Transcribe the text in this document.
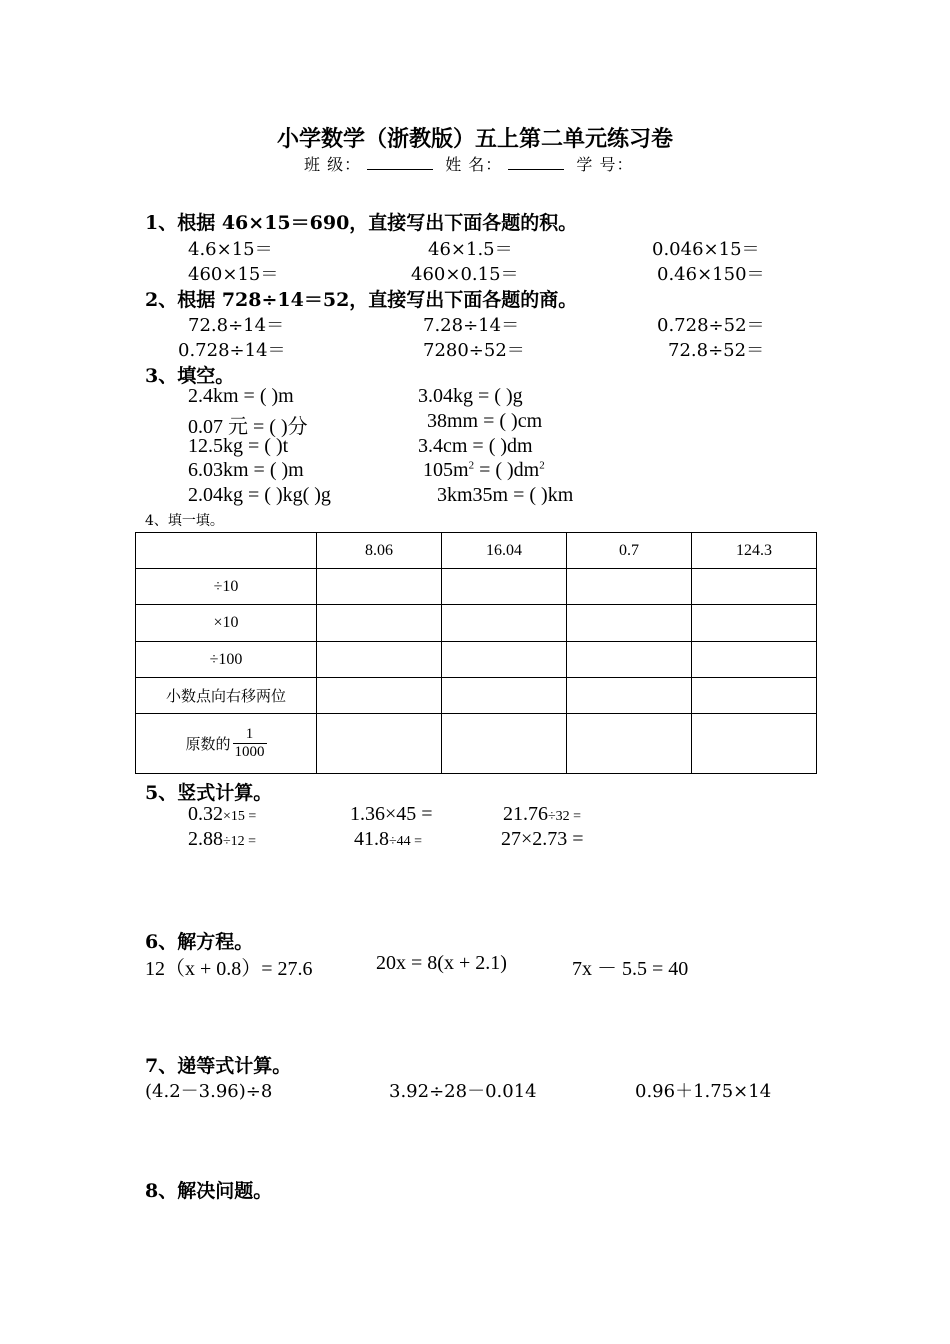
小学数学（浙教版）五上第二单元练习卷
班 级：	姓 名：	学 号：
1、根据 46×15＝690，直接写出下面各题的积。
4.6×15＝	46×1.5＝	0.046×15＝
460×15＝	460×0.15＝	0.46×150＝
2、根据 728÷14＝52，直接写出下面各题的商。
72.8÷14＝	7.28÷14＝	0.728÷52＝
0.728÷14＝	7280÷52＝	72.8÷52＝
3、填空。
2.4km = ( )m	3.04kg = ( )g
0.07 元 = ( )分	38mm = ( )cm
12.5kg = ( )t	3.4cm = ( )dm
6.03km = ( )m	$105m^2$ = ( )$dm^2$
2.04kg = ( )kg( )g	3km35m = ( )km
4、填一填。
	8.06	16.04	0.7	124.3
÷10				
×10				
÷100				
小数点向右移两位				
原数的 $\frac{1}{1000}$

5、竖式计算。
0.32×15 =	1.36×45 =	21.76÷32 =
2.88÷12 =	41.8÷44 =	27×2.73 =
6、解方程。
12（x + 0.8）= 27.6	20x = 8(x + 2.1)	7x － 5.5 = 40
7、递等式计算。
(4.2－3.96)÷8	3.92÷28－0.014	0.96＋1.75×14
8、解决问题。
